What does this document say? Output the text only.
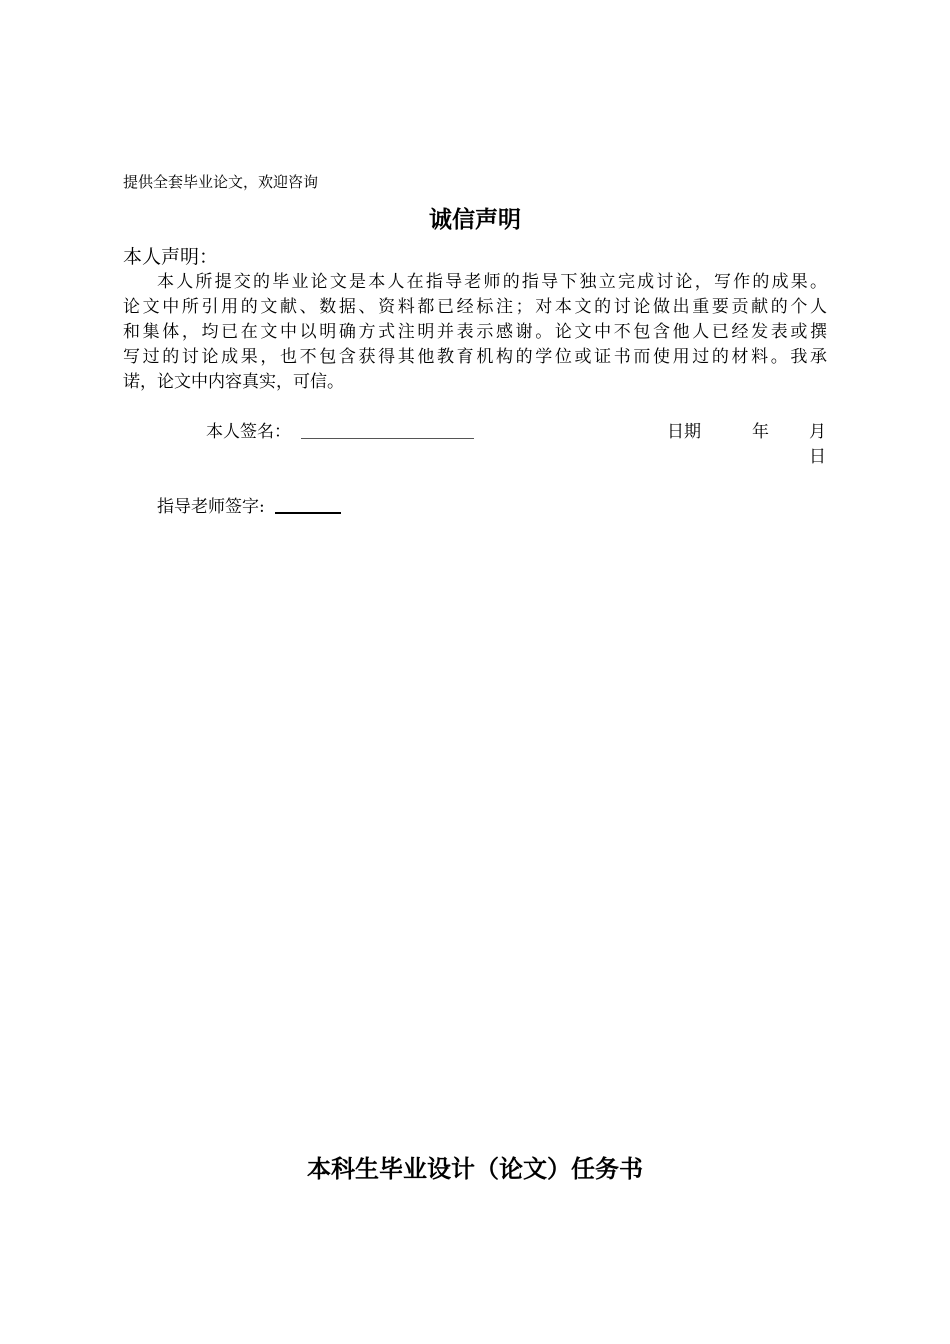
提供全套毕业论文，欢迎咨询
诚信声明
本人声明：
本人所提交的毕业论文是本人在指导老师的指导下独立完成讨论，写作的成果。
论文中所引用的文献、数据、资料都已经标注；对本文的讨论做出重要贡献的个人
和集体，均已在文中以明确方式注明并表示感谢。论文中不包含他人已经发表或撰
写过的讨论成果，也不包含获得其他教育机构的学位或证书而使用过的材料。我承
诺，论文中内容真实，可信。
本人签名：	日期	年 月
日
指导老师签字:
本科生毕业设计（论文）任务书
